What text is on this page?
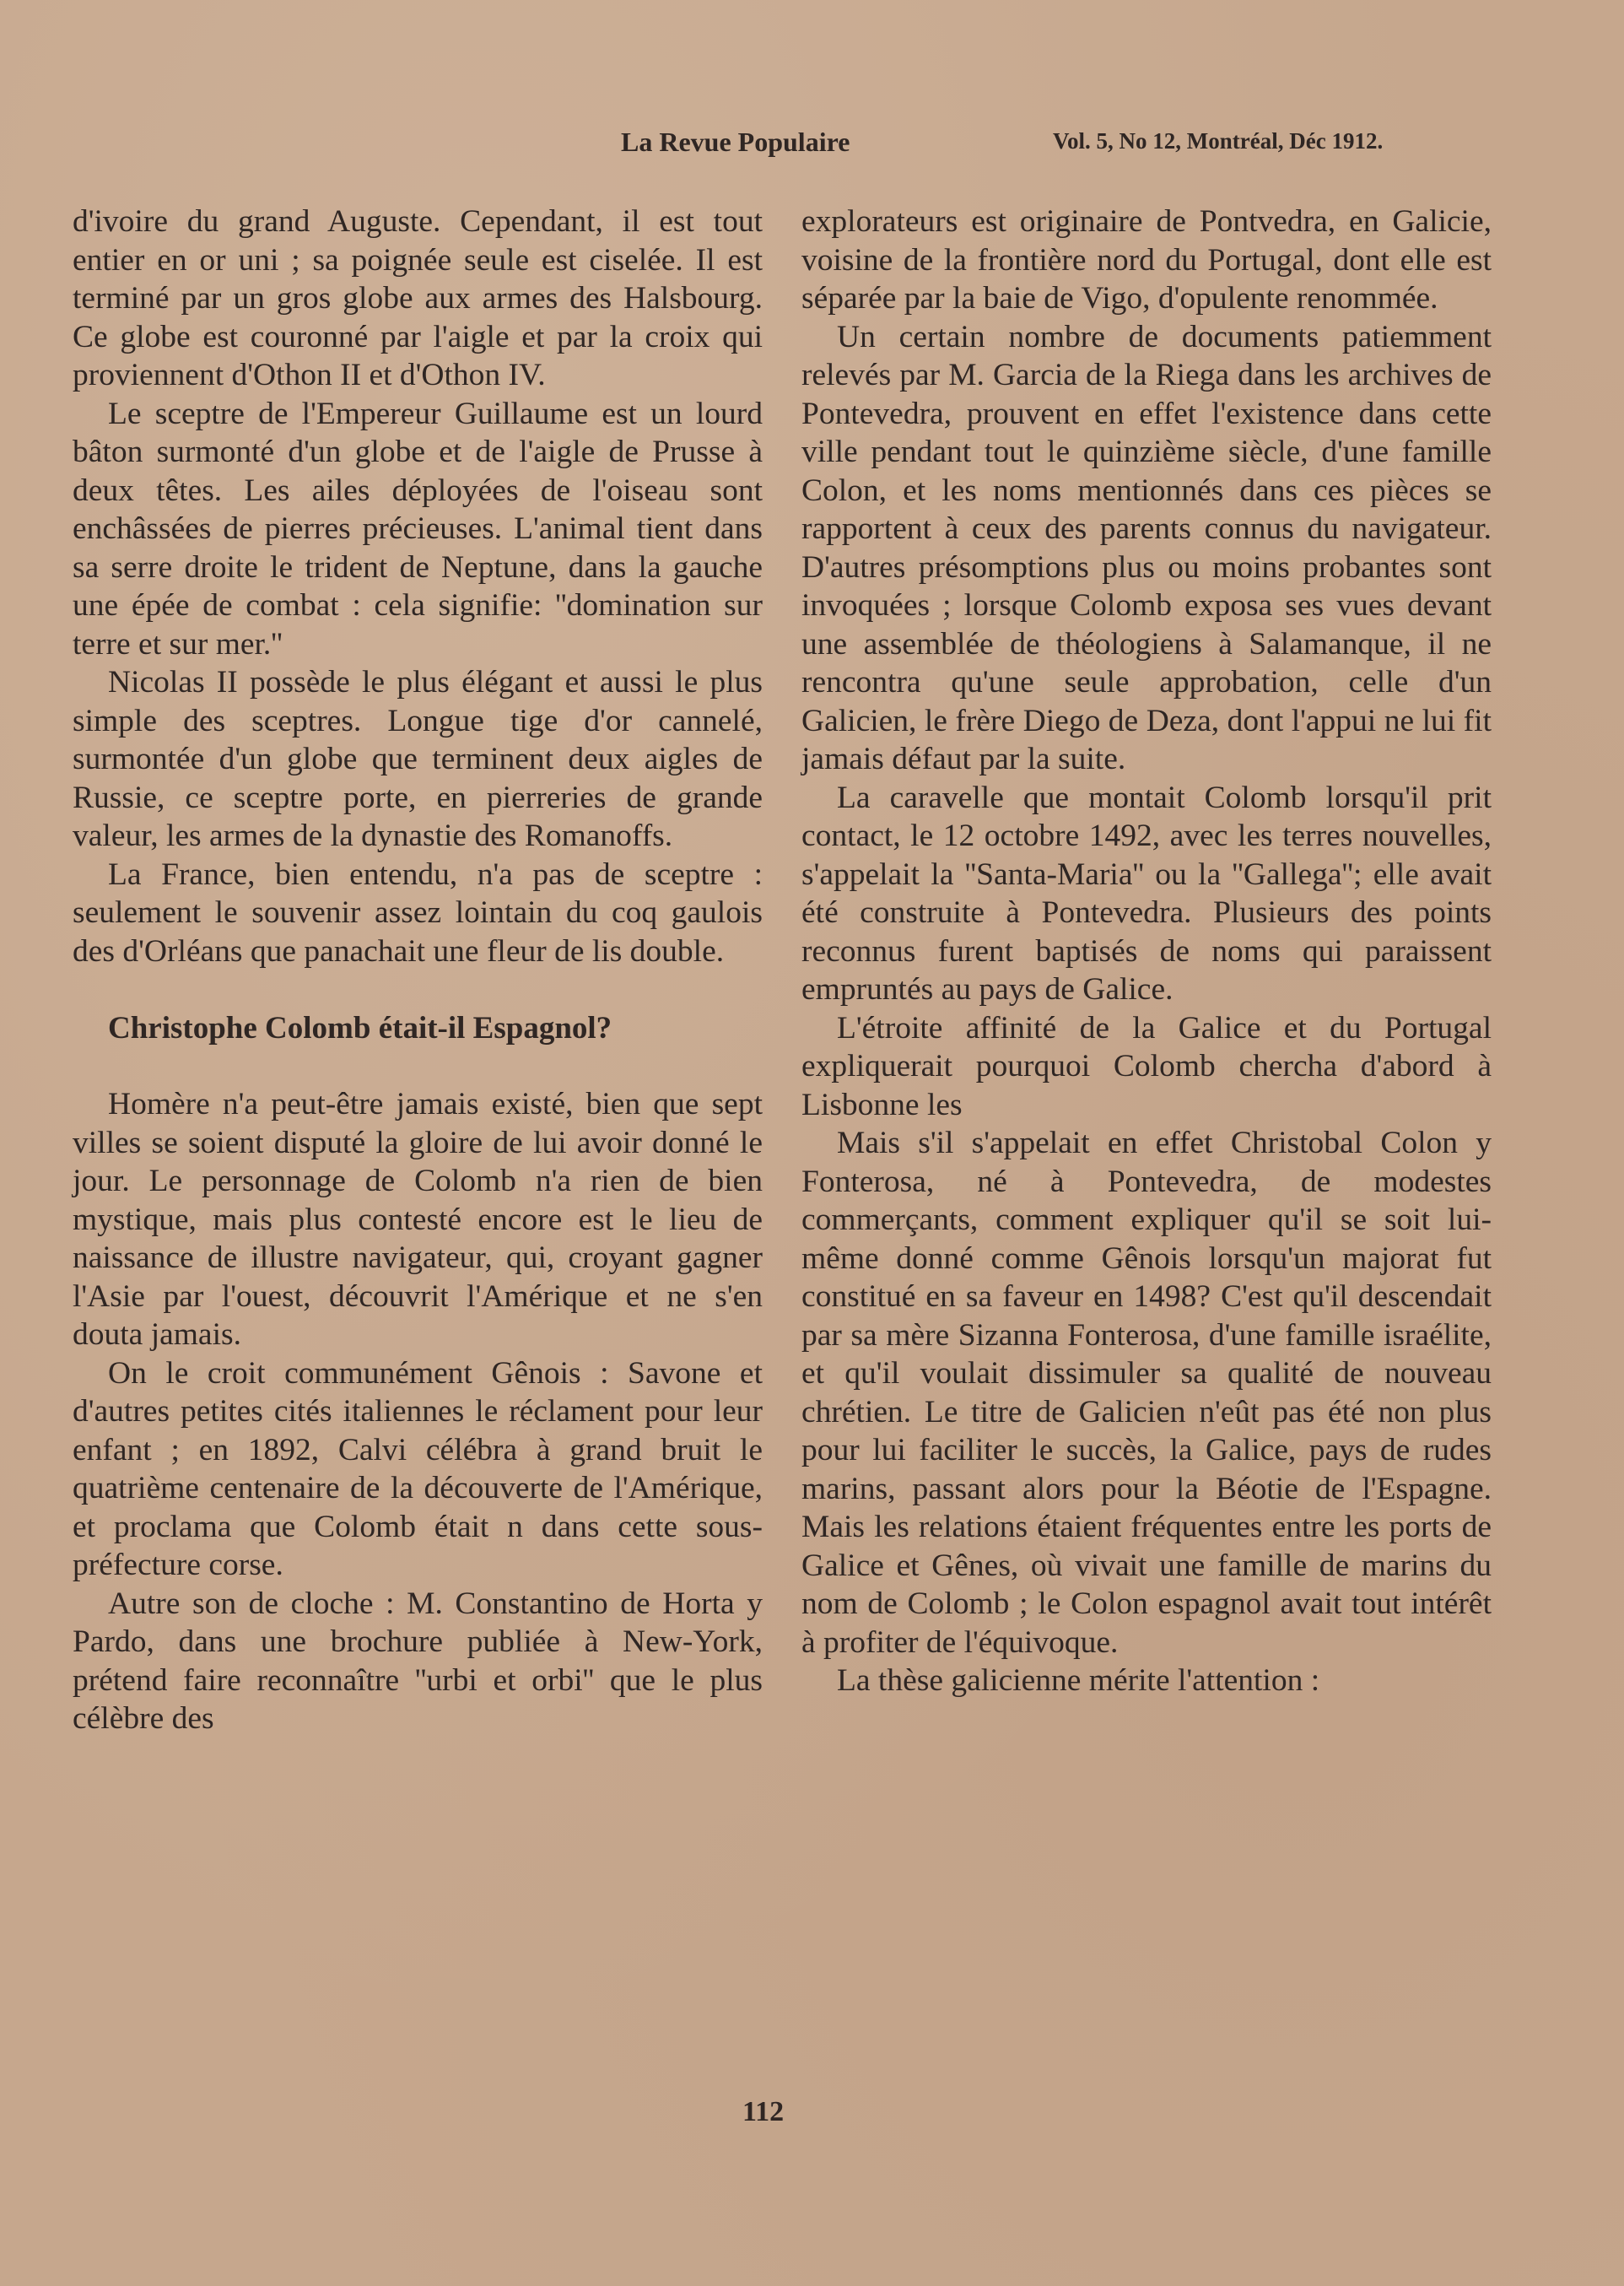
La Revue Populaire	Vol. 5, No 12, Montréal, Déc 1912.

d'ivoire du grand Auguste. Cependant, il est tout entier en or uni ; sa poignée seule est ciselée. Il est terminé par un gros globe aux armes des Halsbourg. Ce globe est couronné par l'aigle et par la croix qui proviennent d'Othon II et d'Othon IV.

Le sceptre de l'Empereur Guillaume est un lourd bâton surmonté d'un globe et de l'aigle de Prusse à deux têtes. Les ailes déployées de l'oiseau sont enchâssées de pierres précieuses. L'animal tient dans sa serre droite le trident de Neptune, dans la gauche une épée de combat : cela signifie: ''domination sur terre et sur mer.''

Nicolas II possède le plus élégant et aussi le plus simple des sceptres. Longue tige d'or cannelé, surmontée d'un globe que terminent deux aigles de Russie, ce sceptre porte, en pierreries de grande valeur, les armes de la dynastie des Romanoffs.

La France, bien entendu, n'a pas de sceptre : seulement le souvenir assez lointain du coq gaulois des d'Orléans que panachait une fleur de lis double.

Christophe Colomb était-il Espagnol?

Homère n'a peut-être jamais existé, bien que sept villes se soient disputé la gloire de lui avoir donné le jour. Le personnage de Colomb n'a rien de bien mystique, mais plus contesté encore est le lieu de naissance de illustre navigateur, qui, croyant gagner l'Asie par l'ouest, découvrit l'Amérique et ne s'en douta jamais.

On le croit communément Gênois : Savone et d'autres petites cités italiennes le réclament pour leur enfant ; en 1892, Calvi célébra à grand bruit le quatrième centenaire de la découverte de l'Amérique, et proclama que Colomb était n dans cette sous-préfecture corse.

Autre son de cloche : M. Constantino de Horta y Pardo, dans une brochure publiée à New-York, prétend faire reconnaître ''urbi et orbi'' que le plus célèbre des

explorateurs est originaire de Pontvedra, en Galicie, voisine de la frontière nord du Portugal, dont elle est séparée par la baie de Vigo, d'opulente renommée.

Un certain nombre de documents patiemment relevés par M. Garcia de la Riega dans les archives de Pontevedra, prouvent en effet l'existence dans cette ville pendant tout le quinzième siècle, d'une famille Colon, et les noms mentionnés dans ces pièces se rapportent à ceux des parents connus du navigateur. D'autres présomptions plus ou moins probantes sont invoquées ; lorsque Colomb exposa ses vues devant une assemblée de théologiens à Salamanque, il ne rencontra qu'une seule approbation, celle d'un Galicien, le frère Diego de Deza, dont l'appui ne lui fit jamais défaut par la suite.

La caravelle que montait Colomb lorsqu'il prit contact, le 12 octobre 1492, avec les terres nouvelles, s'appelait la ''Santa-Maria'' ou la ''Gallega''; elle avait été construite à Pontevedra. Plusieurs des points reconnus furent baptisés de noms qui paraissent empruntés au pays de Galice.

L'étroite affinité de la Galice et du Portugal expliquerait pourquoi Colomb chercha d'abord à Lisbonne les

Mais s'il s'appelait en effet Christobal Colon y Fonterosa, né à Pontevedra, de modestes commerçants, comment expliquer qu'il se soit lui-même donné comme Gênois lorsqu'un majorat fut constitué en sa faveur en 1498? C'est qu'il descendait par sa mère Sizanna Fonterosa, d'une famille israélite, et qu'il voulait dissimuler sa qualité de nouveau chrétien. Le titre de Galicien n'eût pas été non plus pour lui faciliter le succès, la Galice, pays de rudes marins, passant alors pour la Béotie de l'Espagne. Mais les relations étaient fréquentes entre les ports de Galice et Gênes, où vivait une famille de marins du nom de Colomb ; le Colon espagnol avait tout intérêt à profiter de l'équivoque.

La thèse galicienne mérite l'attention :

112
